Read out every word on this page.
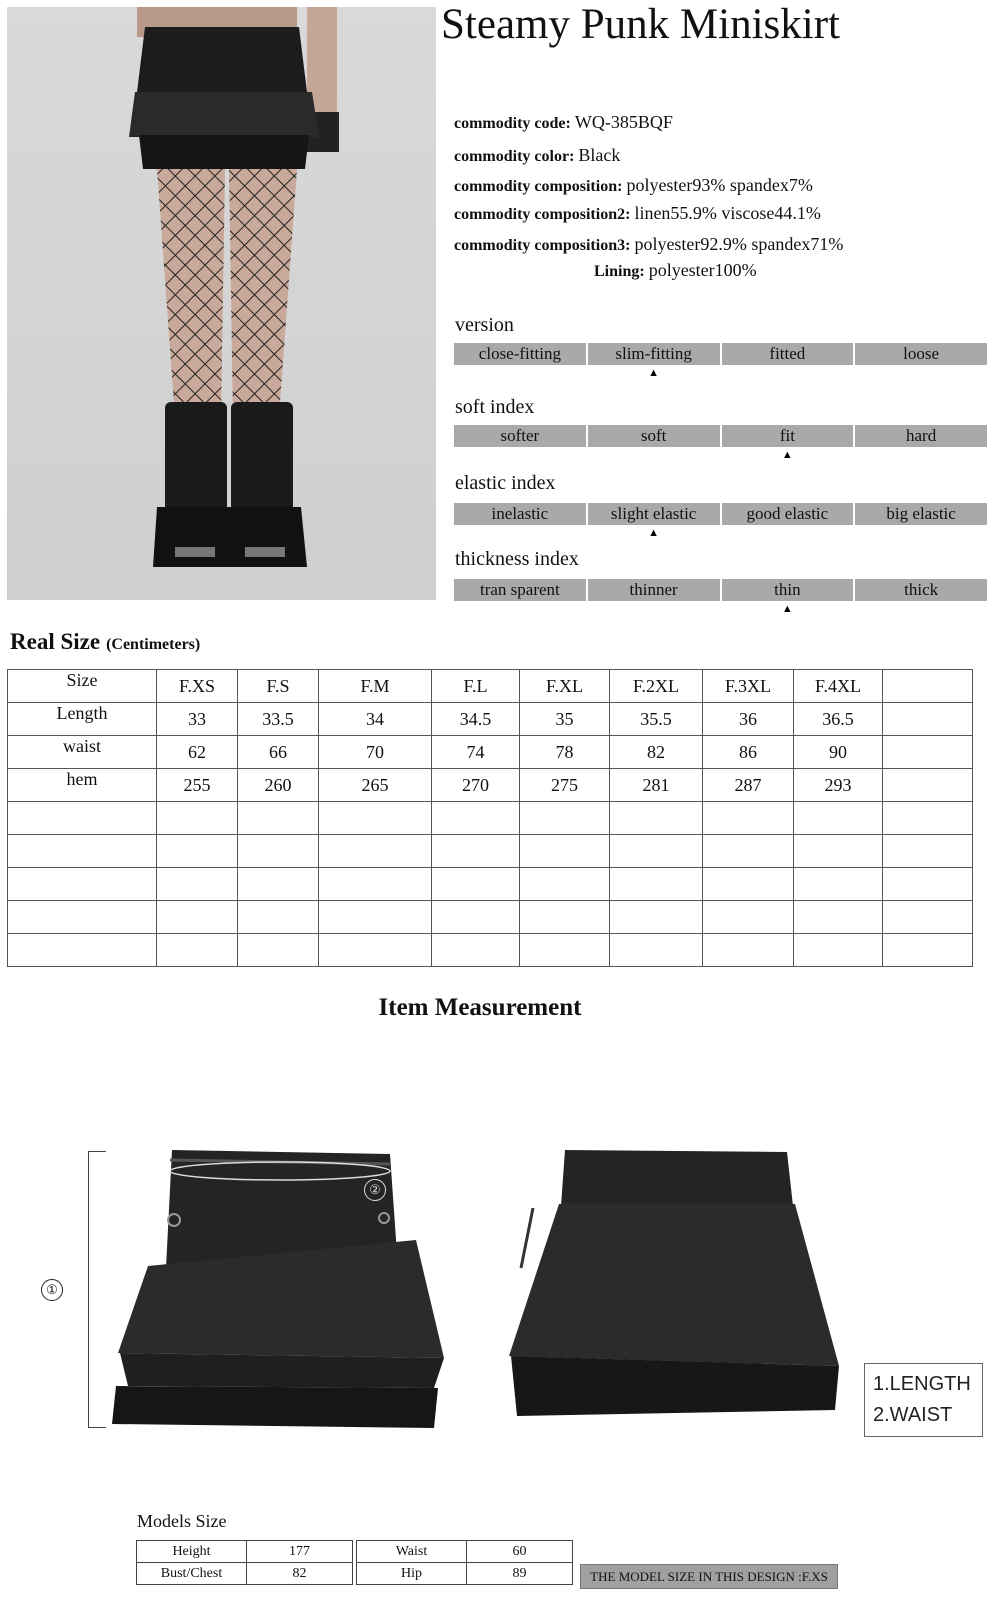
Steamy Punk Miniskirt
commodity code: WQ-385BQF
commodity color: Black
commodity composition: polyester93% spandex7%
commodity composition2: linen55.9% viscose44.1%
commodity composition3: polyester92.9% spandex71%
Lining: polyester100%
version
close-fitting	slim-fitting
▲
fitted	loose
soft index
softer	soft	fit
▲
hard
elastic index
inelastic	slight elastic
▲
good elastic	big elastic
thickness index
tran sparent	thinner	thin
▲
thick
Real Size (Centimeters)
Size	F.XS	F.S	F.M	F.L	F.XL	F.2XL	F.3XL	F.4XL	
Length	33	33.5	34	34.5	35	35.5	36	36.5	
waist	62	66	70	74	78	82	86	90	
hem	255	260	265	270	275	281	287	293	

Item Measurement
①
②
1.LENGTH
2.WAIST
Models Size
Height	177
Bust/Chest	82
Waist	60
Hip	89	THE MODEL SIZE IN THIS DESIGN :F.XS
